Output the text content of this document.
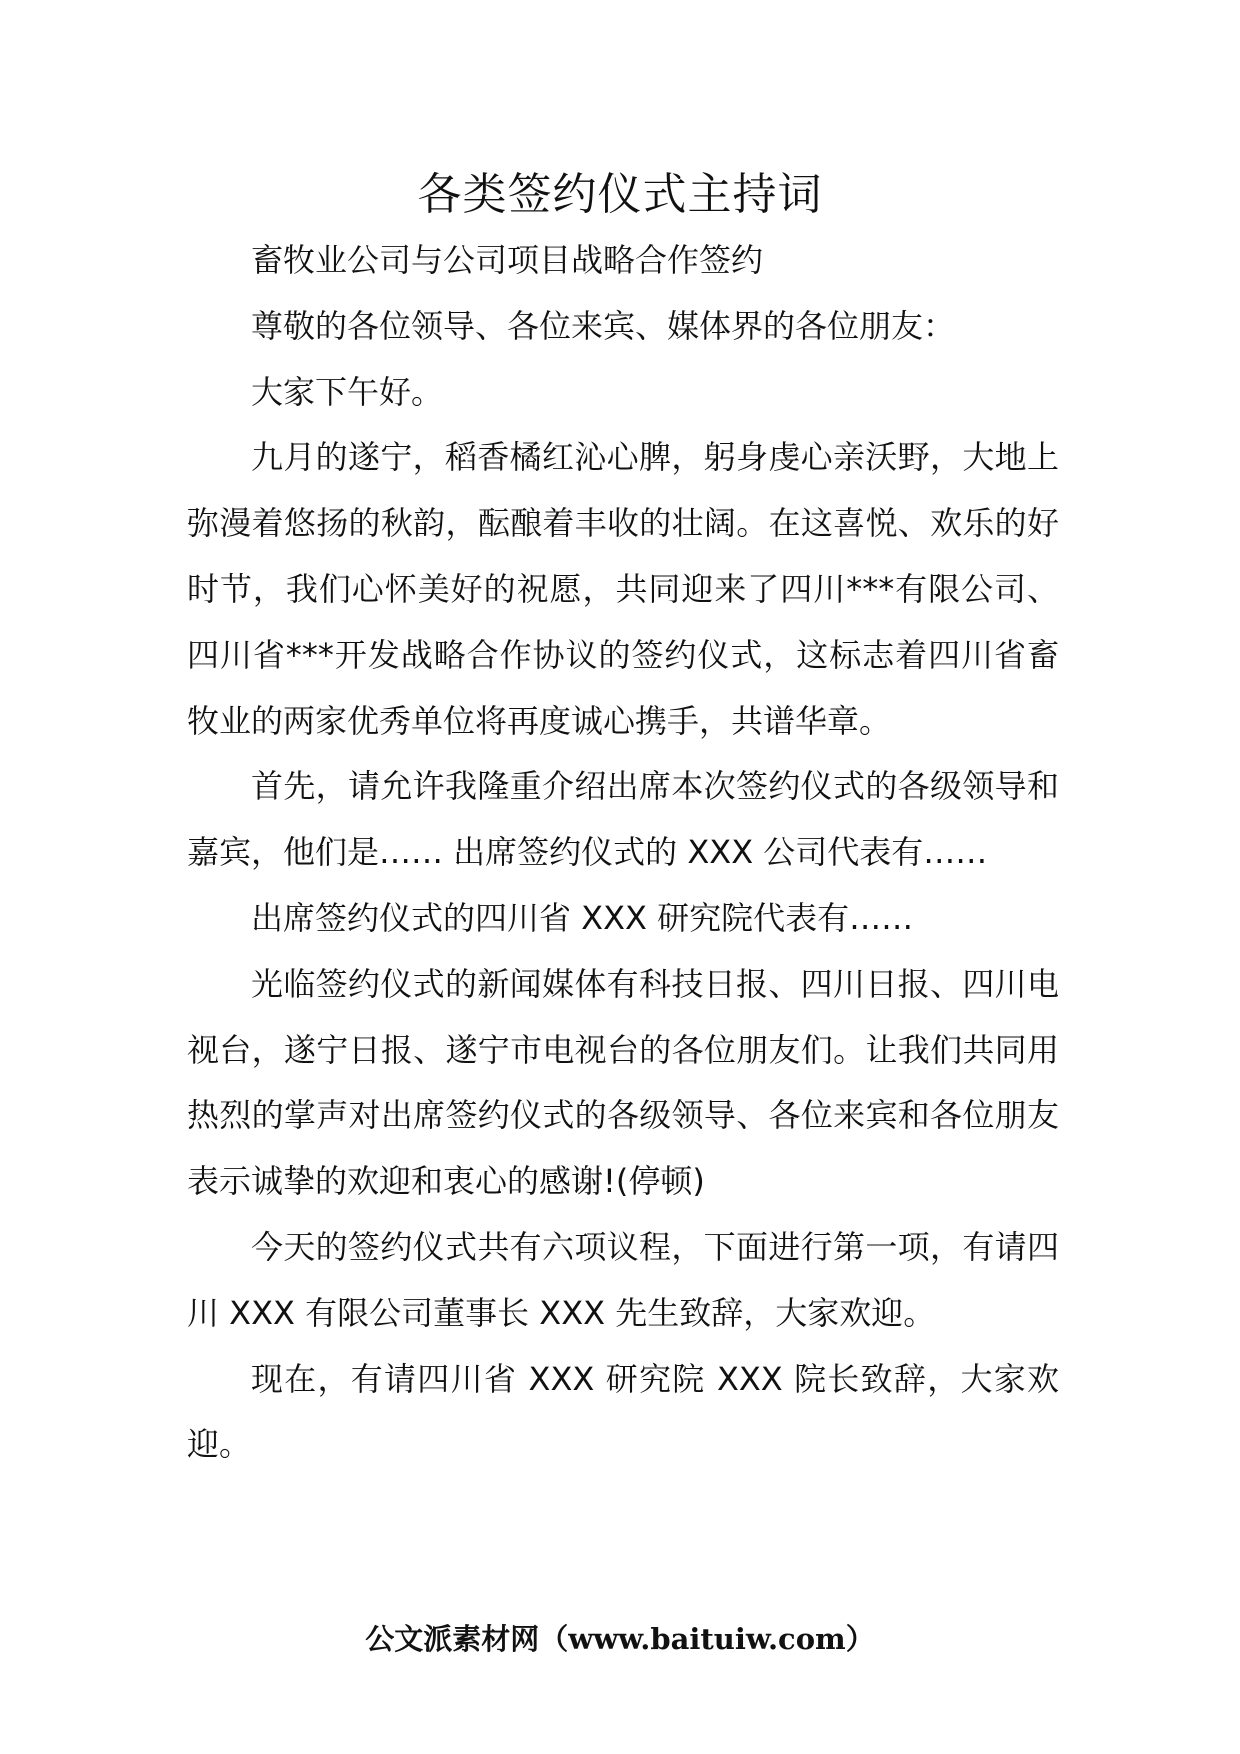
各类签约仪式主持词

畜牧业公司与公司项目战略合作签约

尊敬的各位领导、各位来宾、媒体界的各位朋友：

大家下午好。

九月的遂宁，稻香橘红沁心脾，躬身虔心亲沃野，大地上弥漫着悠扬的秋韵，酝酿着丰收的壮阔。在这喜悦、欢乐的好时节，我们心怀美好的祝愿，共同迎来了四川***有限公司、四川省***开发战略合作协议的签约仪式，这标志着四川省畜牧业的两家优秀单位将再度诚心携手，共谱华章。

首先，请允许我隆重介绍出席本次签约仪式的各级领导和嘉宾，他们是…… 出席签约仪式的 XXX 公司代表有……

出席签约仪式的四川省 XXX 研究院代表有……

光临签约仪式的新闻媒体有科技日报、四川日报、四川电视台，遂宁日报、遂宁市电视台的各位朋友们。让我们共同用热烈的掌声对出席签约仪式的各级领导、各位来宾和各位朋友表示诚挚的欢迎和衷心的感谢!(停顿)

今天的签约仪式共有六项议程，下面进行第一项，有请四川 XXX 有限公司董事长 XXX 先生致辞，大家欢迎。

现在，有请四川省 XXX 研究院 XXX 院长致辞，大家欢迎。

公文派素材网（www.baituiw.com）
